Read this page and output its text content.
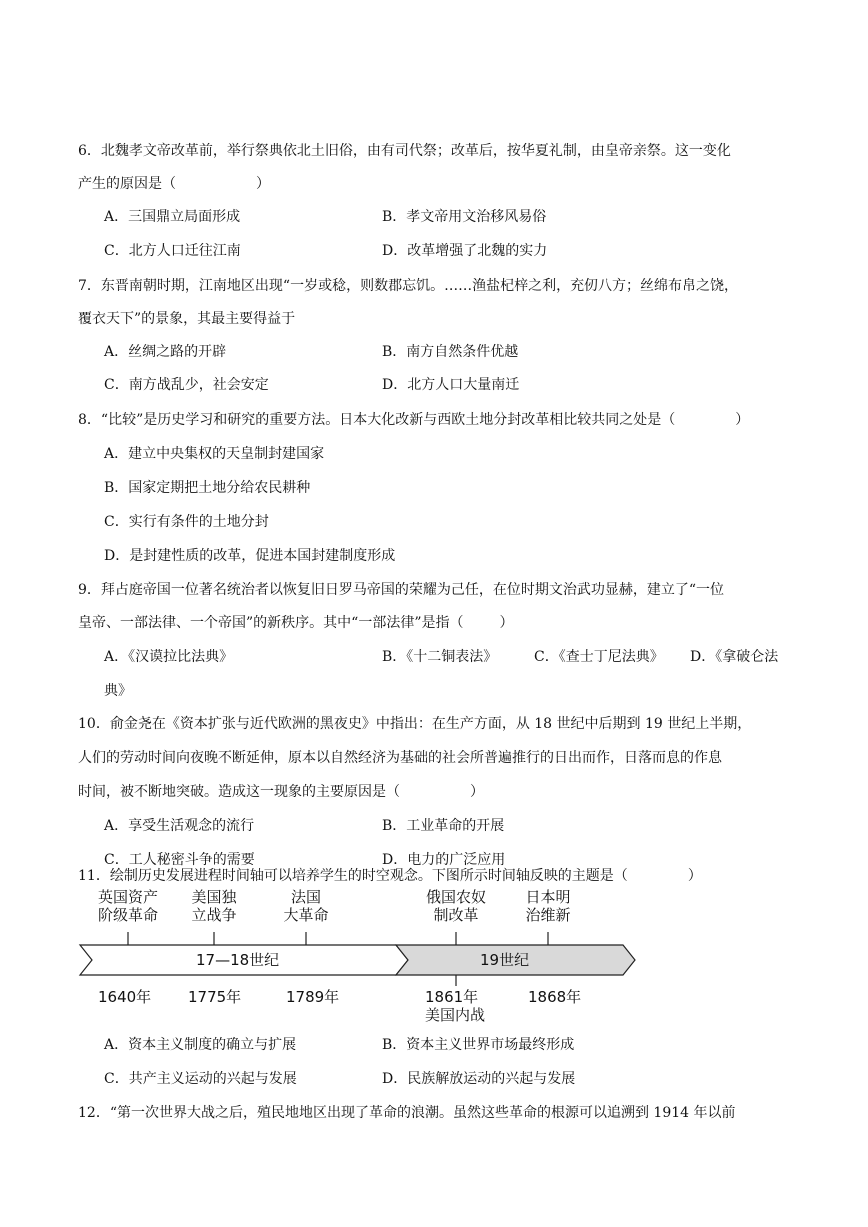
6．北魏孝文帝改革前，举行祭典依北土旧俗，由有司代祭；改革后，按华夏礼制，由皇帝亲祭。这一变化
产生的原因是（	）
A．三国鼎立局面形成	B．孝文帝用文治移风易俗
C．北方人口迁往江南	D．改革增强了北魏的实力
7．东晋南朝时期，江南地区出现“一岁或稔，则数郡忘饥。……渔盐杞梓之利，充仞八方；丝绵布帛之饶，
覆衣天下”的景象，其最主要得益于
A．丝绸之路的开辟	B．南方自然条件优越
C．南方战乱少，社会安定	D．北方人口大量南迁
8．“比较”是历史学习和研究的重要方法。日本大化改新与西欧土地分封改革相比较共同之处是（	）
A．建立中央集权的天皇制封建国家
B．国家定期把土地分给农民耕种
C．实行有条件的土地分封
D．是封建性质的改革，促进本国封建制度形成
9．拜占庭帝国一位著名统治者以恢复旧日罗马帝国的荣耀为己任，在位时期文治武功显赫，建立了“一位
皇帝、一部法律、一个帝国”的新秩序。其中“一部法律”是指（	）
A．《汉谟拉比法典》	B．《十二铜表法》	C．《查士丁尼法典》 D．《拿破仑法
典》
10．俞金尧在《资本扩张与近代欧洲的黑夜史》中指出：在生产方面，从 18 世纪中后期到 19 世纪上半期，
人们的劳动时间向夜晚不断延伸，原本以自然经济为基础的社会所普遍推行的日出而作，日落而息的作息
时间，被不断地突破。造成这一现象的主要原因是（	）
A．享受生活观念的流行	B．工业革命的开展
C．工人秘密斗争的需要	D．电力的广泛应用
11．绘制历史发展进程时间轴可以培养学生的时空观念。下图所示时间轴反映的主题是（	）
英国资产
阶级革命
美国独
立战争
法国
大革命
俄国农奴
制改革
日本明
治维新
17—18世纪	19世纪
1640年 1775年	1789年	1861年	1868年
美国内战
A．资本主义制度的确立与扩展	B．资本主义世界市场最终形成
C．共产主义运动的兴起与发展	D．民族解放运动的兴起与发展
12．“第一次世界大战之后，殖民地地区出现了革命的浪潮。虽然这些革命的根源可以追溯到 1914 年以前
